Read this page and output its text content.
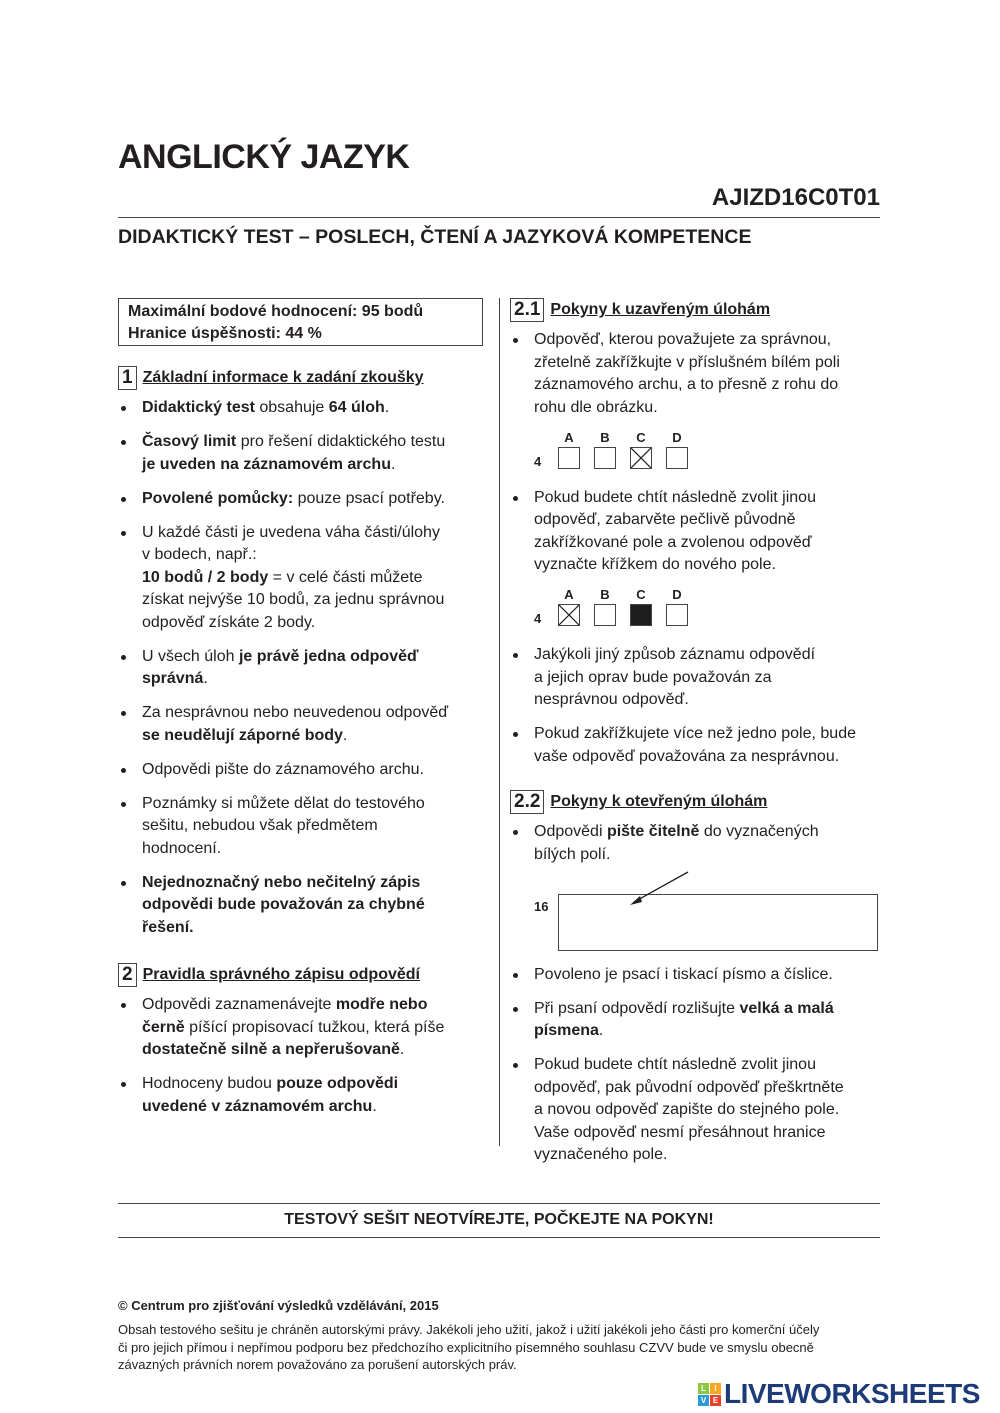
ANGLICKÝ JAZYK
AJIZD16C0T01
DIDAKTICKÝ TEST – POSLECH, ČTENÍ A JAZYKOVÁ KOMPETENCE
Maximální bodové hodnocení: 95 bodů
Hranice úspěšnosti: 44 %
1 Základní informace k zadání zkoušky
Didaktický test obsahuje 64 úloh.
Časový limit pro řešení didaktického testu
je uveden na záznamovém archu.
Povolené pomůcky: pouze psací potřeby.
U každé části je uvedena váha části/úlohy
v bodech, např.:
10 bodů / 2 body = v celé části můžete
získat nejvýše 10 bodů, za jednu správnou
odpověď získáte 2 body.
U všech úloh je právě jedna odpověď
správná.
Za nesprávnou nebo neuvedenou odpověď
se neudělují záporné body.
Odpovědi pište do záznamového archu.
Poznámky si můžete dělat do testového
sešitu, nebudou však předmětem
hodnocení.
Nejednoznačný nebo nečitelný zápis
odpovědi bude považován za chybné
řešení.
2 Pravidla správného zápisu odpovědí
Odpovědi zaznamenávejte modře nebo
černě píšící propisovací tužkou, která píše
dostatečně silně a nepřerušovaně.
Hodnoceny budou pouze odpovědi
uvedené v záznamovém archu.
2.1 Pokyny k uzavřeným úlohám
Odpověď, kterou považujete za správnou,
zřetelně zakřížkujte v příslušném bílém poli
záznamového archu, a to přesně z rohu do
rohu dle obrázku.
4
A	B	C	D
Pokud budete chtít následně zvolit jinou
odpověď, zabarvěte pečlivě původně
zakřížkované pole a zvolenou odpověď
vyznačte křížkem do nového pole.
4
A	B	C	D
Jakýkoli jiný způsob záznamu odpovědí
a jejich oprav bude považován za
nesprávnou odpověď.
Pokud zakřížkujete více než jedno pole, bude
vaše odpověď považována za nesprávnou.
2.2 Pokyny k otevřeným úlohám
Odpovědi pište čitelně do vyznačených
bílých polí.
16
Povoleno je psací i tiskací písmo a číslice.
Při psaní odpovědí rozlišujte velká a malá
písmena.
Pokud budete chtít následně zvolit jinou
odpověď, pak původní odpověď přeškrtněte
a novou odpověď zapište do stejného pole.
Vaše odpověď nesmí přesáhnout hranice
vyznačeného pole.
TESTOVÝ SEŠIT NEOTVÍREJTE, POČKEJTE NA POKYN!
© Centrum pro zjišťování výsledků vzdělávání, 2015
Obsah testového sešitu je chráněn autorskými právy. Jakékoli jeho užití, jakož i užití jakékoli jeho části pro komerční účely
či pro jejich přímou i nepřímou podporu bez předchozího explicitního písemného souhlasu CZVV bude ve smyslu obecně
závazných právních norem považováno za porušení autorských práv.
L	I
V E LIVEWORKSHEETS
